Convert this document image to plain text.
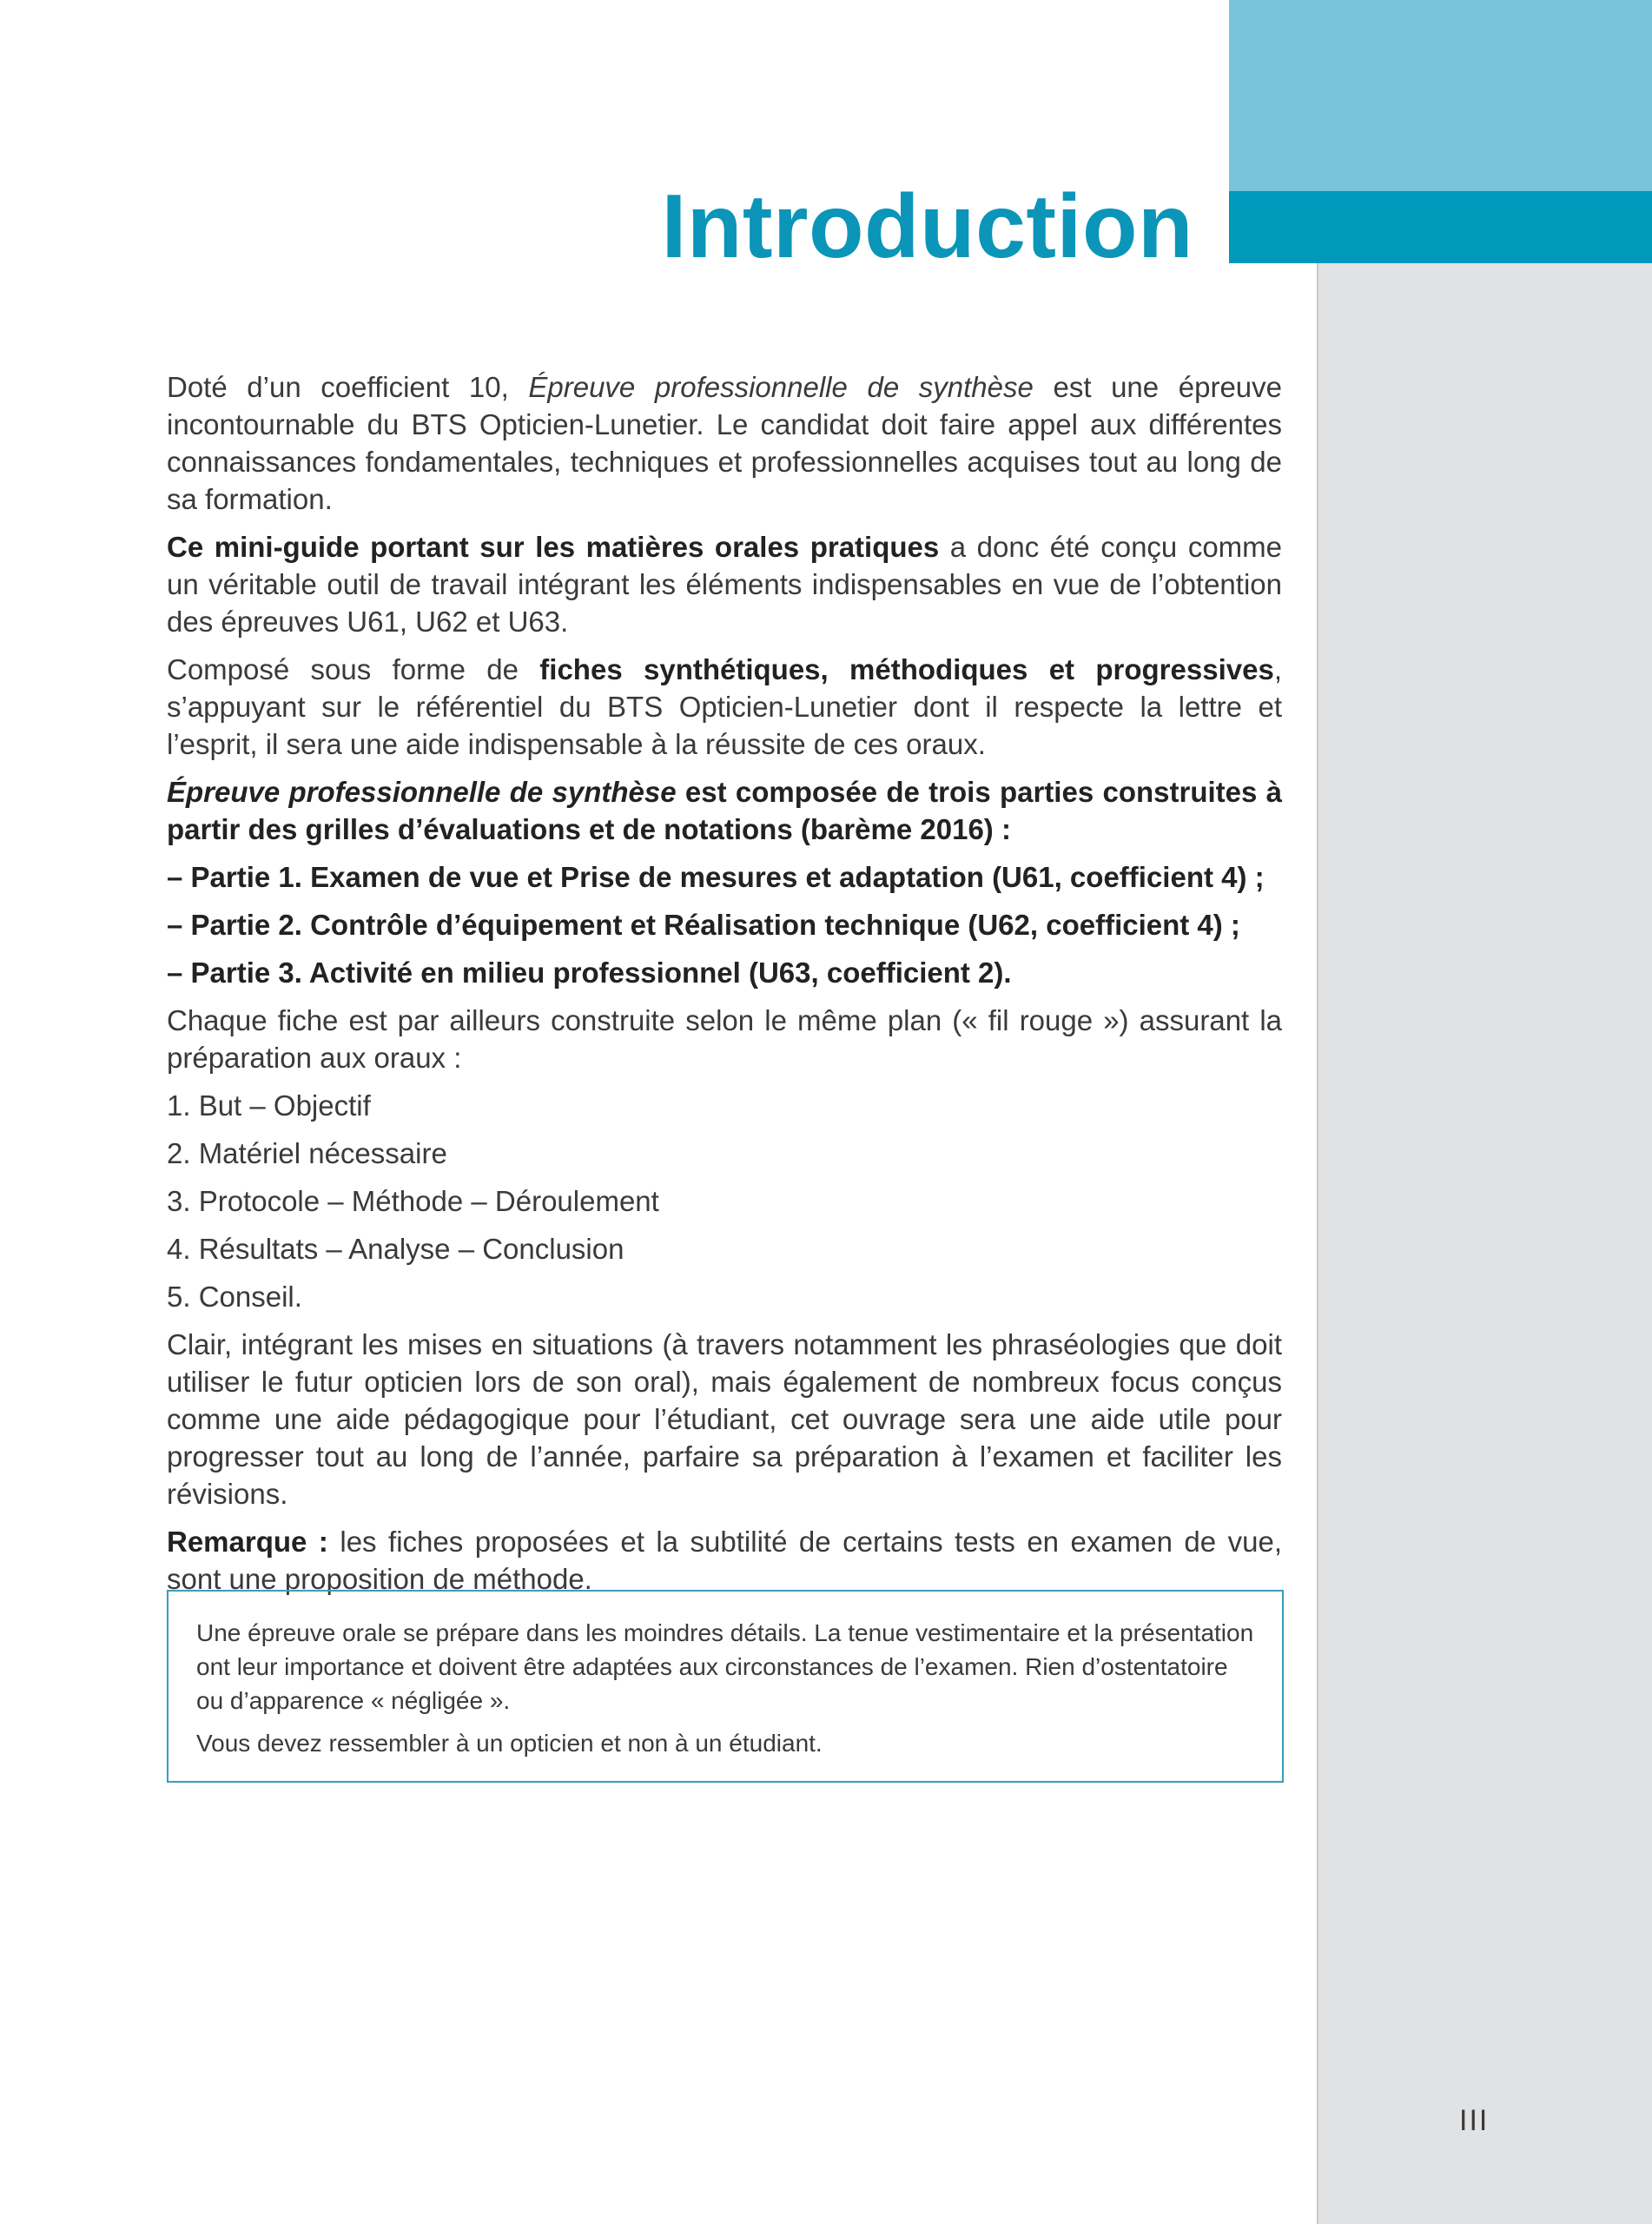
Introduction

Doté d’un coefficient 10, Épreuve professionnelle de synthèse est une épreuve incontournable du BTS Opticien-Lunetier. Le candidat doit faire appel aux différentes connaissances fondamentales, techniques et professionnelles acquises tout au long de sa formation.

Ce mini-guide portant sur les matières orales pratiques a donc été conçu comme un véritable outil de travail intégrant les éléments indispensables en vue de l’obtention des épreuves U61, U62 et U63.

Composé sous forme de fiches synthétiques, méthodiques et progressives, s’appuyant sur le référentiel du BTS Opticien-Lunetier dont il respecte la lettre et l’esprit, il sera une aide indispensable à la réussite de ces oraux.

Épreuve professionnelle de synthèse est composée de trois parties construites à partir des grilles d’évaluations et de notations (barème 2016) :

– Partie 1. Examen de vue et Prise de mesures et adaptation (U61, coefficient 4) ;
– Partie 2. Contrôle d’équipement et Réalisation technique (U62, coefficient 4) ;
– Partie 3. Activité en milieu professionnel (U63, coefficient 2).

Chaque fiche est par ailleurs construite selon le même plan (« fil rouge ») assurant la préparation aux oraux :

1. But – Objectif
2. Matériel nécessaire
3. Protocole – Méthode – Déroulement
4. Résultats – Analyse – Conclusion
5. Conseil.

Clair, intégrant les mises en situations (à travers notamment les phraséologies que doit utiliser le futur opticien lors de son oral), mais également de nombreux focus conçus comme une aide pédagogique pour l’étudiant, cet ouvrage sera une aide utile pour progresser tout au long de l’année, parfaire sa préparation à l’examen et faciliter les révisions.

Remarque : les fiches proposées et la subtilité de certains tests en examen de vue, sont une proposition de méthode.

Une épreuve orale se prépare dans les moindres détails. La tenue vestimentaire et la présentation ont leur importance et doivent être adaptées aux circonstances de l’examen. Rien d’ostentatoire ou d’apparence « négligée ».

Vous devez ressembler à un opticien et non à un étudiant.

III
